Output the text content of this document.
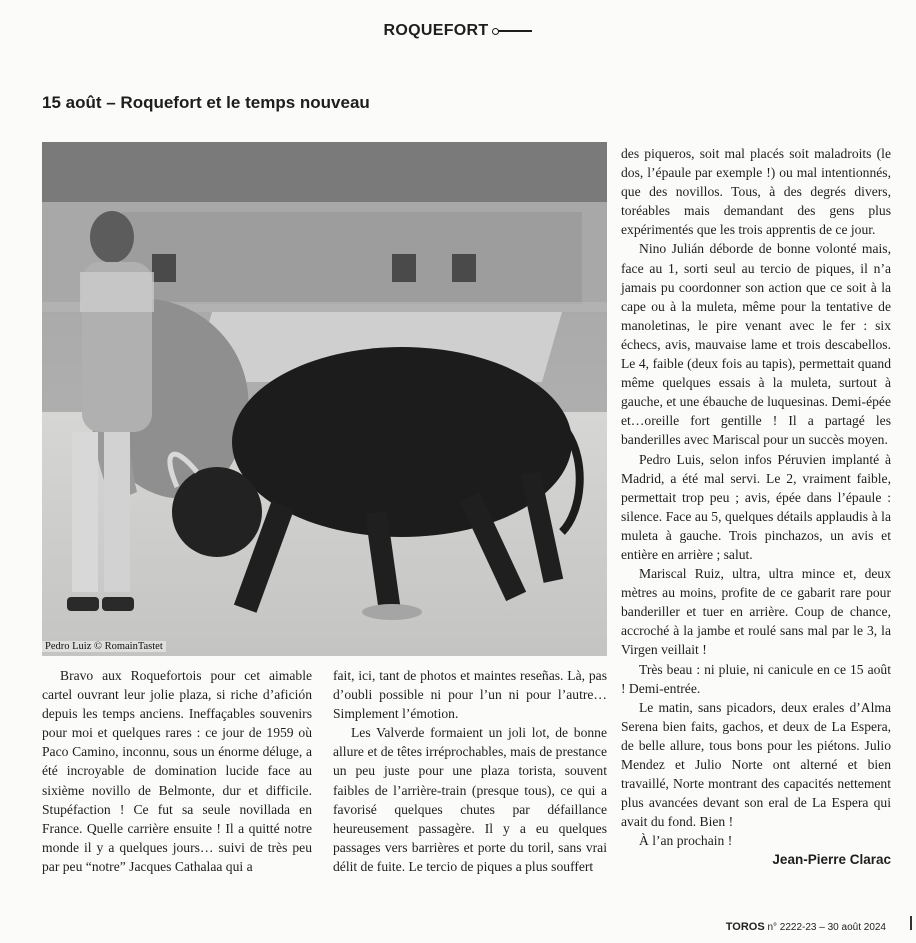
ROQUEFORT
15 août – Roquefort et le temps nouveau
Pedro Luiz © RomainTastet

Bravo aux Roquefortois pour cet aimable cartel ouvrant leur jolie plaza, si riche d’afición depuis les temps anciens. Ineffaçables souvenirs pour moi et quelques rares : ce jour de 1959 où Paco Camino, inconnu, sous un énorme déluge, a été incroyable de domination lucide face au sixième novillo de Belmonte, dur et difficile. Stupéfaction ! Ce fut sa seule novillada en France. Quelle carrière ensuite ! Il a quitté notre monde il y a quelques jours… suivi de très peu par peu “notre” Jacques Cathalaa qui a

fait, ici, tant de photos et maintes reseñas. Là, pas d’oubli possible ni pour l’un ni pour l’autre… Simplement l’émotion.

Les Valverde formaient un joli lot, de bonne allure et de têtes irréprochables, mais de prestance un peu juste pour une plaza torista, souvent faibles de l’arrière-train (presque tous), ce qui a favorisé quelques chutes par défaillance heureusement passagère. Il y a eu quelques passages vers barrières et porte du toril, sans vrai délit de fuite. Le tercio de piques a plus souffert

des piqueros, soit mal placés soit maladroits (le dos, l’épaule par exemple !) ou mal intentionnés, que des novillos. Tous, à des degrés divers, toréables mais demandant des gens plus expérimentés que les trois apprentis de ce jour.

Nino Julián déborde de bonne volonté mais, face au 1, sorti seul au tercio de piques, il n’a jamais pu coordonner son action que ce soit à la cape ou à la muleta, même pour la tentative de manoletinas, le pire venant avec le fer : six échecs, avis, mauvaise lame et trois descabellos. Le 4, faible (deux fois au tapis), permettait quand même quelques essais à la muleta, surtout à gauche, et une ébauche de luquesinas. Demi-épée et…oreille fort gentille ! Il a partagé les banderilles avec Mariscal pour un succès moyen.

Pedro Luis, selon infos Péruvien implanté à Madrid, a été mal servi. Le 2, vraiment faible, permettait trop peu ; avis, épée dans l’épaule : silence. Face au 5, quelques détails applaudis à la muleta à gauche. Trois pinchazos, un avis et entière en arrière ; salut.

Mariscal Ruiz, ultra, ultra mince et, deux mètres au moins, profite de ce gabarit rare pour banderiller et tuer en arrière. Coup de chance, accroché à la jambe et roulé sans mal par le 3, la Virgen veillait !

Très beau : ni pluie, ni canicule en ce 15 août ! Demi-entrée.

Le matin, sans picadors, deux erales d’Alma Serena bien faits, gachos, et deux de La Espera, de belle allure, tous bons pour les piétons. Julio Mendez et Julio Norte ont alterné et bien travaillé, Norte montrant des capacités nettement plus avancées devant son eral de La Espera qui avait du fond. Bien !

À l’an prochain !

Jean-Pierre Clarac

TOROS n° 2222-23 – 30 août 2024
